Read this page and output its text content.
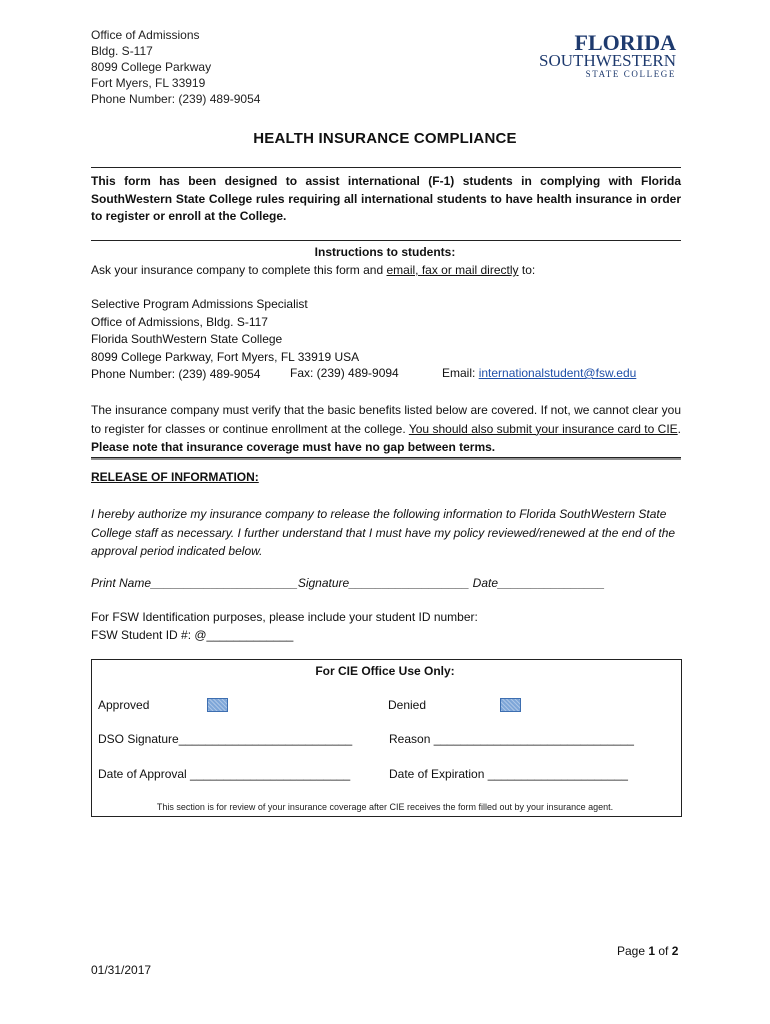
Office of Admissions
Bldg. S-117
8099 College Parkway
Fort Myers, FL 33919
Phone Number: (239) 489-9054
FLORIDA
SOUTHWESTERN
STATE COLLEGE
HEALTH INSURANCE COMPLIANCE
This form has been designed to assist international (F-1) students in complying with Florida SouthWestern State College rules requiring all international students to have health insurance in order to register or enroll at the College.
Instructions to students:
Ask your insurance company to complete this form and email, fax or mail directly to:
Selective Program Admissions Specialist
Office of Admissions, Bldg. S-117
Florida SouthWestern State College
8099 College Parkway, Fort Myers, FL 33919 USA
Phone Number: (239) 489-9054	Fax: (239) 489-9094	Email: internationalstudent@fsw.edu
The insurance company must verify that the basic benefits listed below are covered. If not, we cannot clear you to register for classes or continue enrollment at the college. You should also submit your insurance card to CIE. Please note that insurance coverage must have no gap between terms.
RELEASE OF INFORMATION:
I hereby authorize my insurance company to release the following information to Florida SouthWestern State College staff as necessary. I further understand that I must have my policy reviewed/renewed at the end of the approval period indicated below.
Print Name______________________Signature__________________ Date________________
For FSW Identification purposes, please include your student ID number:
FSW Student ID #: @_____________
For CIE Office Use Only:
Approved	Denied
DSO Signature__________________________	Reason ______________________________
Date of Approval ________________________	Date of Expiration _____________________
This section is for review of your insurance coverage after CIE receives the form filled out by your insurance agent.
Page 1 of 2
01/31/2017
